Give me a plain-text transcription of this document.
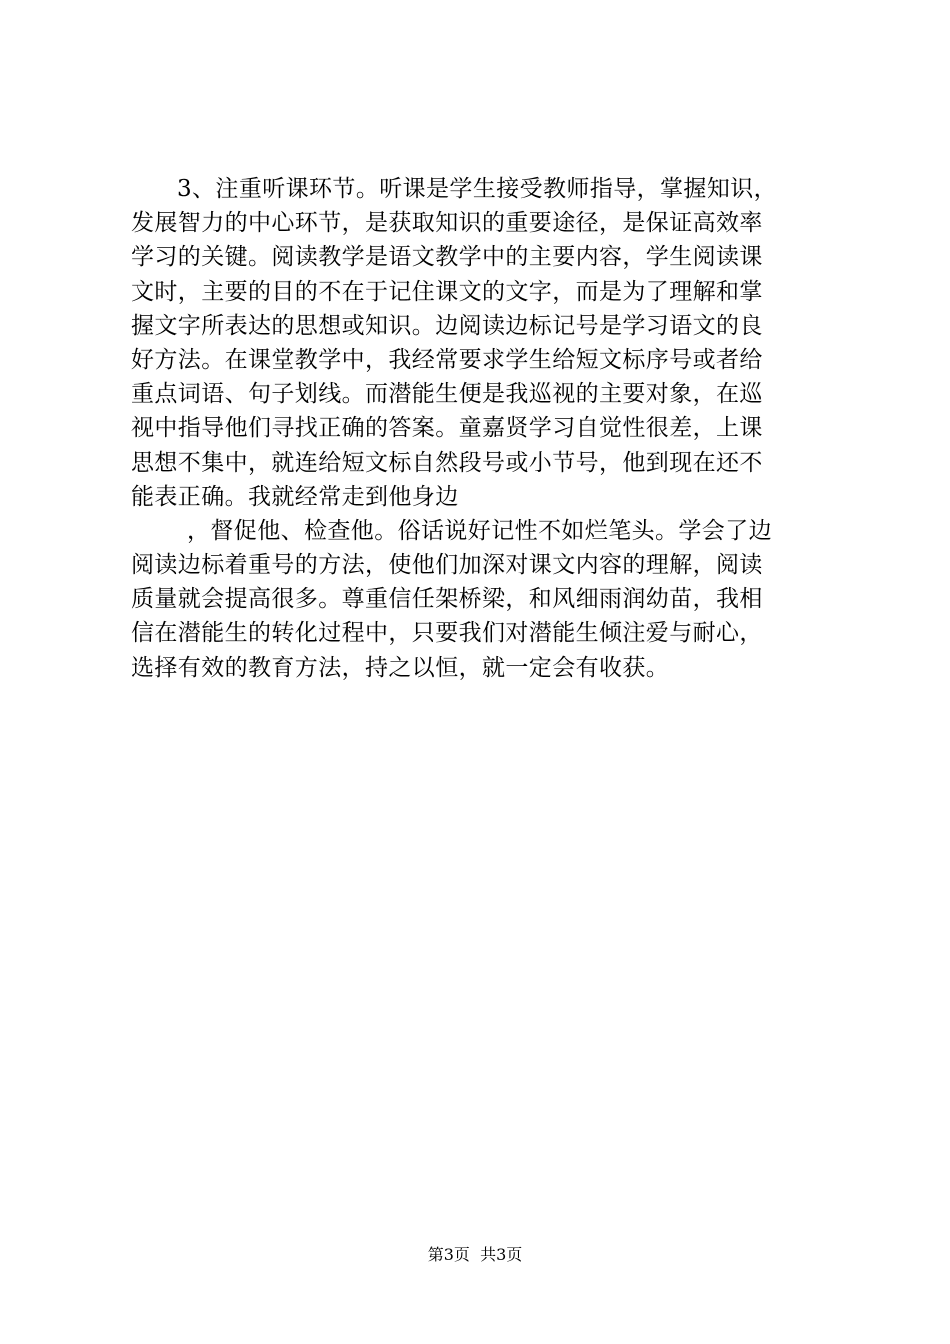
3、注重听课环节。听课是学生接受教师指导，掌握知识，
发展智力的中心环节，是获取知识的重要途径，是保证高效率
学习的关键。阅读教学是语文教学中的主要内容，学生阅读课
文时，主要的目的不在于记住课文的文字，而是为了理解和掌
握文字所表达的思想或知识。边阅读边标记号是学习语文的良
好方法。在课堂教学中，我经常要求学生给短文标序号或者给
重点词语、句子划线。而潜能生便是我巡视的主要对象，在巡
视中指导他们寻找正确的答案。童嘉贤学习自觉性很差，上课
思想不集中，就连给短文标自然段号或小节号，他到现在还不
能表正确。我就经常走到他身边
，督促他、检查他。俗话说好记性不如烂笔头。学会了边
阅读边标着重号的方法，使他们加深对课文内容的理解，阅读
质量就会提高很多。尊重信任架桥梁，和风细雨润幼苗，我相
信在潜能生的转化过程中，只要我们对潜能生倾注爱与耐心，
选择有效的教育方法，持之以恒，就一定会有收获。
第3页  共3页
